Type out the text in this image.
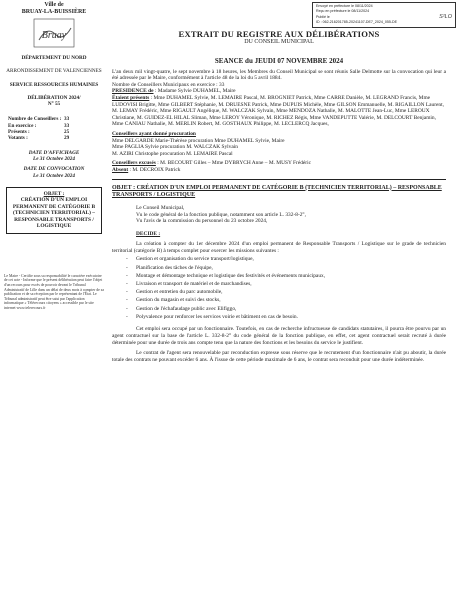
Envoyé en préfecture le 08/11/2024
Reçu en préfecture le 08/11/2024
Publié le	S²LO
ID : 062-216201785-20241107-DE7_2024_055-DE
Ville de
BRUAY-LA-BUISSIÈRE
Bruay
DÉPARTEMENT DU NORD
ARRONDISSEMENT DE VALENCIENNES
SERVICE RESSOURCES HUMAINES
DÉLIBÉRATION 2024/
N° 55
Nombre de Conseillers : 33
En exercice :	33
Présents :	25
Votants :	29
DATE D'AFFICHAGE
Le 31 Octobre 2024
DATE DE CONVOCATION
Le 31 Octobre 2024
OBJET :
CRÉATION D'UN EMPLOI PERMANENT DE CATÉGORIE B (TECHNICIEN TERRITORIAL) – RESPONSABLE TRANSPORTS / LOGISTIQUE
Le Maire - Certifie sous sa responsabilité le caractère exécutoire de cet acte - Informe que le présent délibération peut faire l'objet d'un recours pour excès de pouvoir devant le Tribunal Administratif de Lille dans un délai de deux mois à compter de sa publication et de sa réception par le représentant de l'État. Le Tribunal administratif peut être saisi par l'application informatique « Télérecours citoyens » accessible par le site internet www.telerecours.fr
EXTRAIT DU REGISTRE AUX DÉLIBÉRATIONS
DU CONSEIL MUNICIPAL
SEANCE du JEUDI 07 NOVEMBRE 2024
L'an deux mil vingt-quatre, le sept novembre à 18 heures, les Membres du Conseil Municipal se sont réunis Salle Delmotte sur la convocation qui leur a été adressée par le Maire, conformément à l'article 48 de la loi du 5 avril 1884.
Nombre de Conseillers Municipaux en exercice : 33
PRESIDENCE de : Madame Sylvie DUHAMEL, Maire
Étaient présents : Mme DUHAMEL Sylvie, M. LEMAIRE Pascal, M. BROGNIET Patrick, Mme CARRE Danièle, M. LEGRAND Francis, Mme LUDOVISI Brigitte, Mme GILBERT Stéphanie, M. DRUESNE Patrick, Mme DUPUIS Michèle, Mme GILSON Emmanuelle, M. RIGAILLON Laurent, M. LEMAY Frédéric, Mme RIGAULT Angélique, M. WALCZAK Sylvain, Mme MENDOZA Nathalie, M. MALOTTE Jean-Luc, Mme LEROUX Christiane, M. GUIDEZ-EL HILAL Sliman, Mme LEROY Véronique, M. RICHEZ Régis, Mme VANDEPUTTE Valérie, M. DELCOURT Benjamin, Mme CANIAU Nathalie, M. MERLIN Robert, M. GOSTHAUX Philippe, M. LECLERCQ Jacques,
Conseillers ayant donné procuration
Mme DELGARDE Marie-Thérèse procuration Mme DUHAMEL Sylvie, Maire
Mme PAGLIA Sylvie procuration M. WALCZAK Sylvain
M. AZIRI Christophe procuration M. LEMAIRE Pascal
Conseillers excusés : M. BECOURT Gilles – Mme DYBRYCH Anne – M. MUSY Frédéric
Absent : M. DECROIX Patrick
OBJET : CRÉATION D'UN EMPLOI PERMANENT DE CATÉGORIE B (TECHNICIEN TERRITORIAL) – RESPONSABLE TRANSPORTS / LOGISTIQUE
Le Conseil Municipal,
Vu le code général de la fonction publique, notamment son article L. 332-8-2°,
Vu l'avis de la commission du personnel du 23 octobre 2024,
DECIDE :
La création à compter du 1er décembre 2024 d'un emploi permanent de Responsable Transports / Logistique sur le grade de technicien territorial (catégorie B) à temps complet pour exercer les missions suivantes :
- Gestion et organisation du service transport/logistique,
- Planification des tâches de l'équipe,
- Montage et démontage technique et logistique des festivités et événements municipaux,
- Livraison et transport de matériel et de marchandises,
- Gestion et entretien du parc automobile,
- Gestion du magasin et suivi des stocks,
- Gestion de l'échafaudage public avec Elifiggo,
- Polyvalence pour renforcer les services voirie et bâtiment en cas de besoin.
Cet emploi sera occupé par un fonctionnaire. Toutefois, en cas de recherche infructueuse de candidats statutaires, il pourra être pourvu par un agent contractuel sur la base de l'article L. 332-8-2° du code général de la fonction publique, en effet, cet agent contractuel serait recruté à durée déterminée pour une durée de trois ans compte tenu que la nature des fonctions et les besoins du service le justifient.
Le contrat de l'agent sera renouvelable par reconduction expresse sous réserve que le recrutement d'un fonctionnaire n'ait pu aboutir, la durée totale des contrats ne pouvant excéder 6 ans. À l'issue de cette période maximale de 6 ans, le contrat sera reconduit pour une durée indéterminée.
